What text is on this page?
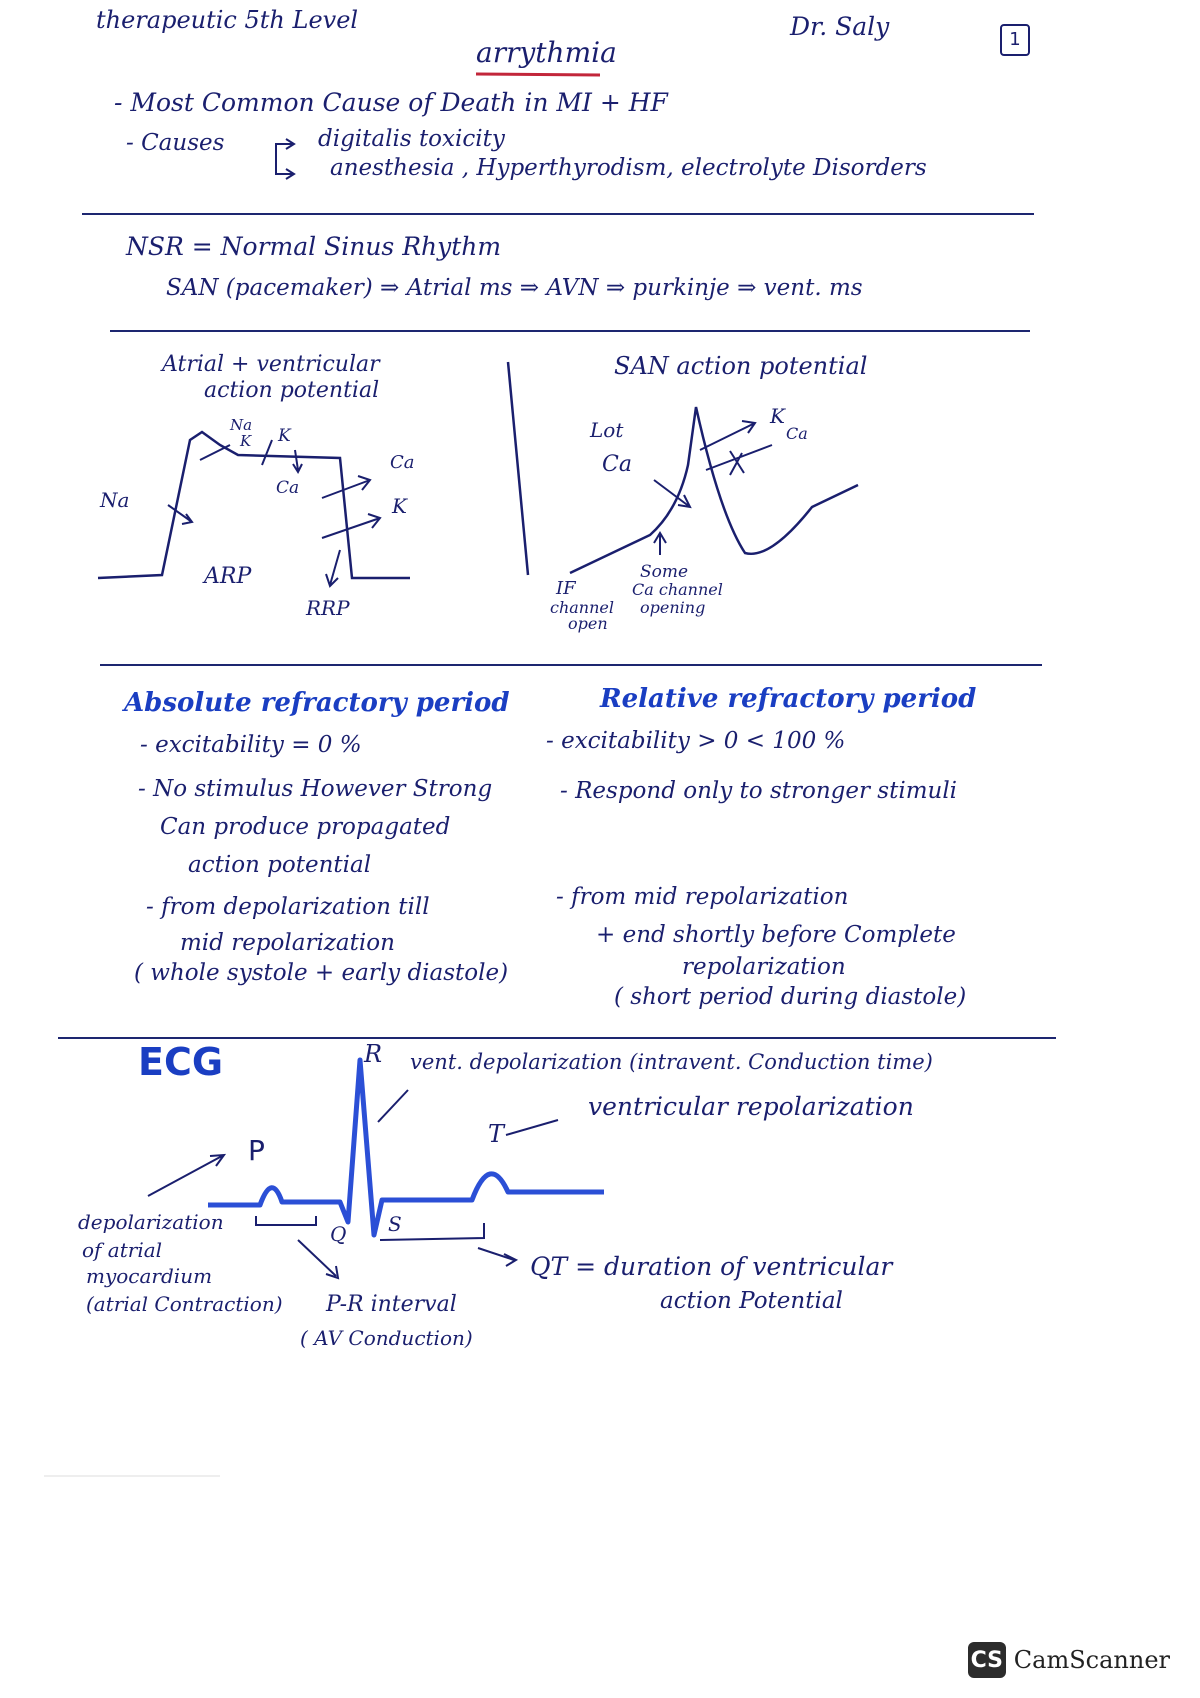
therapeutic 5th Level
arrythmia
Dr. Saly	1
- Most Common Cause of Death in MI + HF
- Causes	digitalis toxicity
anesthesia , Hyperthyrodism, electrolyte Disorders
NSR = Normal Sinus Rhythm
SAN (pacemaker) ⇒ Atrial ms ⇒ AVN ⇒ purkinje ⇒ vent. ms
Atrial + ventricular
action potential
Na
Na
K K
Ca
Ca
K
ARP
RRP
SAN action potential
Lot
Ca
K
Ca
IF
channel
open
Some
Ca channel
opening
Absolute refractory period
- excitability = 0 %
- No stimulus However Strong
Can produce propagated
action potential
- from depolarization till
mid repolarization
( whole systole + early diastole)
Relative refractory period
- excitability > 0 < 100 %
- Respond only to stronger stimuli
- from mid repolarization
+ end shortly before Complete
repolarization
( short period during diastole)
ECG	R
P
Q S
T
vent. depolarization (intravent. Conduction time)
ventricular repolarization
depolarization
of atrial
myocardium
(atrial Contraction) P-R interval
( AV Conduction)
QT = duration of ventricular
action Potential
CS CamScanner
